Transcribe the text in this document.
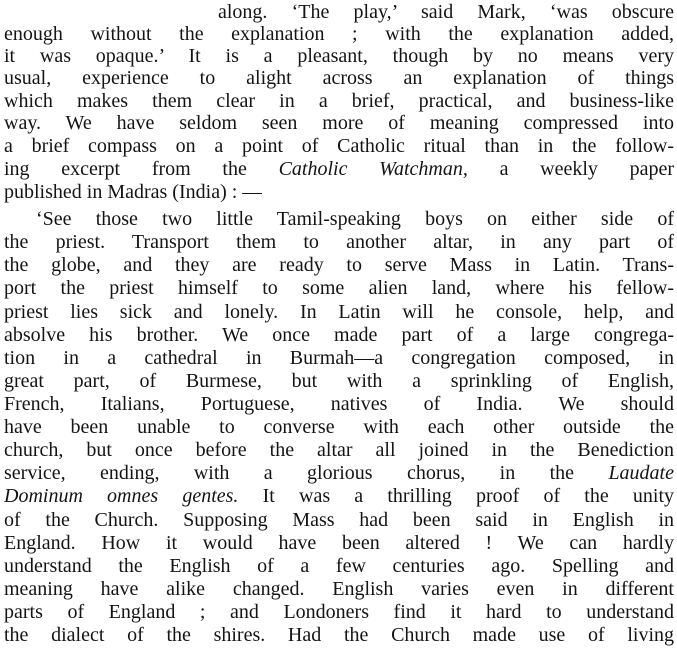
along. ‘The play,’ said Mark, ‘was obscure
enough without the explanation ; with the explanation added,
it was opaque.’ It is a pleasant, though by no means very
usual, experience to alight across an explanation of things
which makes them clear in a brief, practical, and business-like
way. We have seldom seen more of meaning compressed into
a brief compass on a point of Catholic ritual than in the follow-
ing excerpt from the Catholic Watchman, a weekly paper
published in Madras (India) : —
‘See those two little Tamil-speaking boys on either side of
the priest. Transport them to another altar, in any part of
the globe, and they are ready to serve Mass in Latin. Trans-
port the priest himself to some alien land, where his fellow-
priest lies sick and lonely. In Latin will he console, help, and
absolve his brother. We once made part of a large congrega-
tion in a cathedral in Burmah—a congregation composed, in
great part, of Burmese, but with a sprinkling of English,
French, Italians, Portuguese, natives of India. We should
have been unable to converse with each other outside the
church, but once before the altar all joined in the Benediction
service, ending, with a glorious chorus, in the Laudate
Dominum omnes gentes. It was a thrilling proof of the unity
of the Church. Supposing Mass had been said in English in
England. How it would have been altered ! We can hardly
understand the English of a few centuries ago. Spelling and
meaning have alike changed. English varies even in different
parts of England ; and Londoners find it hard to understand
the dialect of the shires. Had the Church made use of living
